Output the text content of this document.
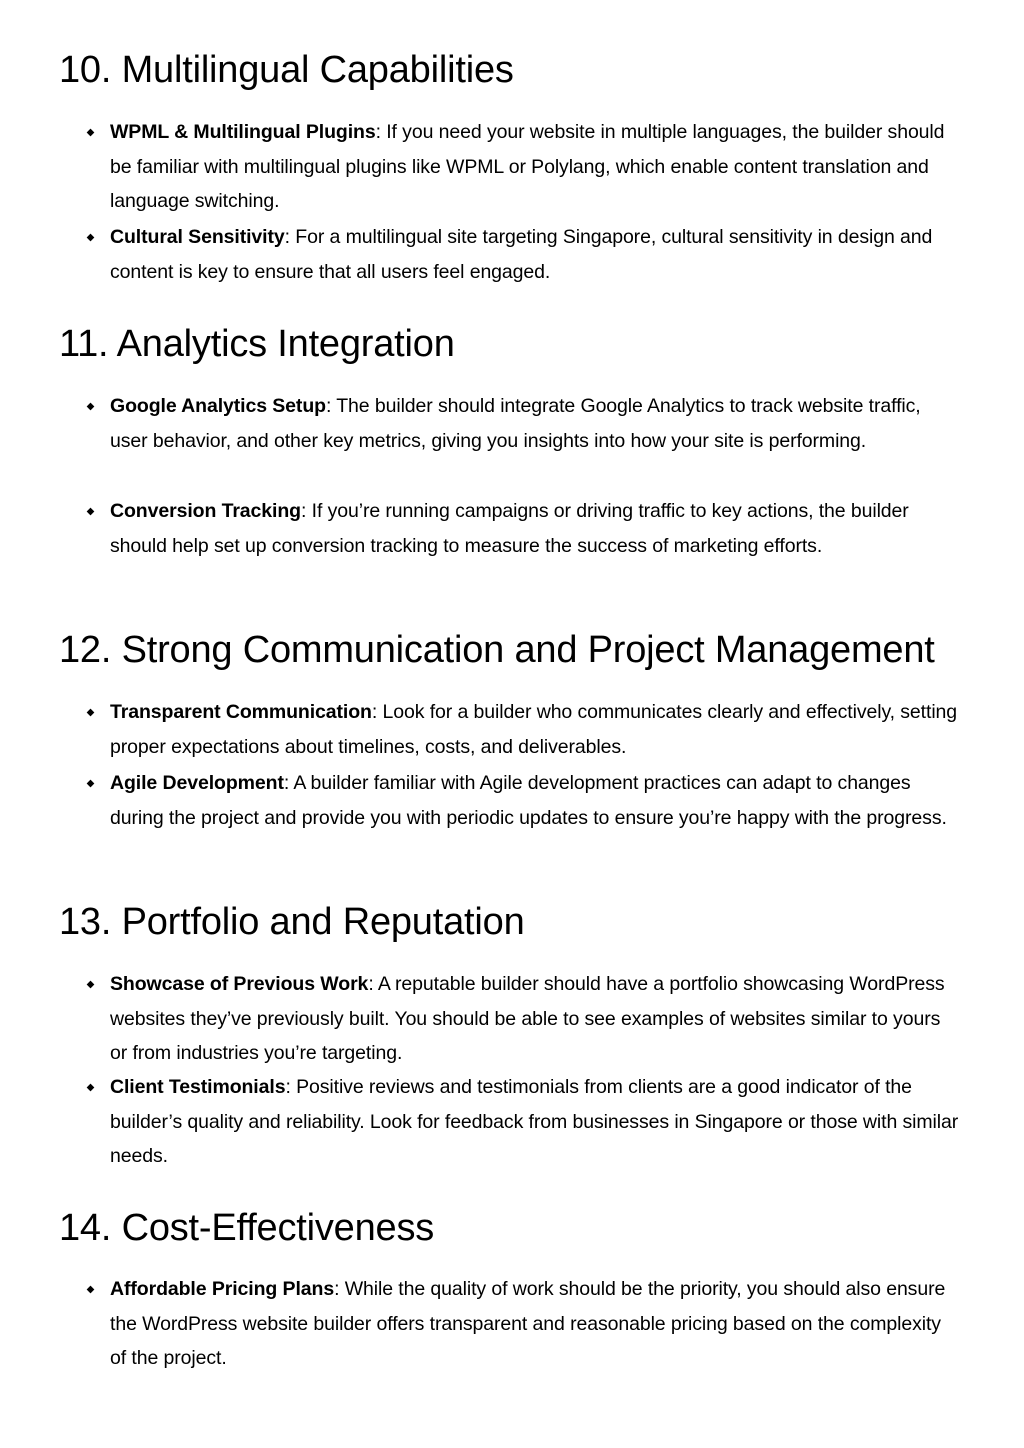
10. Multilingual Capabilities

WPML & Multilingual Plugins: If you need your website in multiple languages, the builder should be familiar with multilingual plugins like WPML or Polylang, which enable content translation and language switching.

Cultural Sensitivity: For a multilingual site targeting Singapore, cultural sensitivity in design and content is key to ensure that all users feel engaged.

11. Analytics Integration

Google Analytics Setup: The builder should integrate Google Analytics to track website traffic, user behavior, and other key metrics, giving you insights into how your site is performing.

Conversion Tracking: If you’re running campaigns or driving traffic to key actions, the builder should help set up conversion tracking to measure the success of marketing efforts.

12. Strong Communication and Project Management

Transparent Communication: Look for a builder who communicates clearly and effectively, setting proper expectations about timelines, costs, and deliverables.

Agile Development: A builder familiar with Agile development practices can adapt to changes during the project and provide you with periodic updates to ensure you’re happy with the progress.

13. Portfolio and Reputation

Showcase of Previous Work: A reputable builder should have a portfolio showcasing WordPress websites they’ve previously built. You should be able to see examples of websites similar to yours or from industries you’re targeting.

Client Testimonials: Positive reviews and testimonials from clients are a good indicator of the builder’s quality and reliability. Look for feedback from businesses in Singapore or those with similar needs.

14. Cost-Effectiveness

Affordable Pricing Plans: While the quality of work should be the priority, you should also ensure the WordPress website builder offers transparent and reasonable pricing based on the complexity of the project.
